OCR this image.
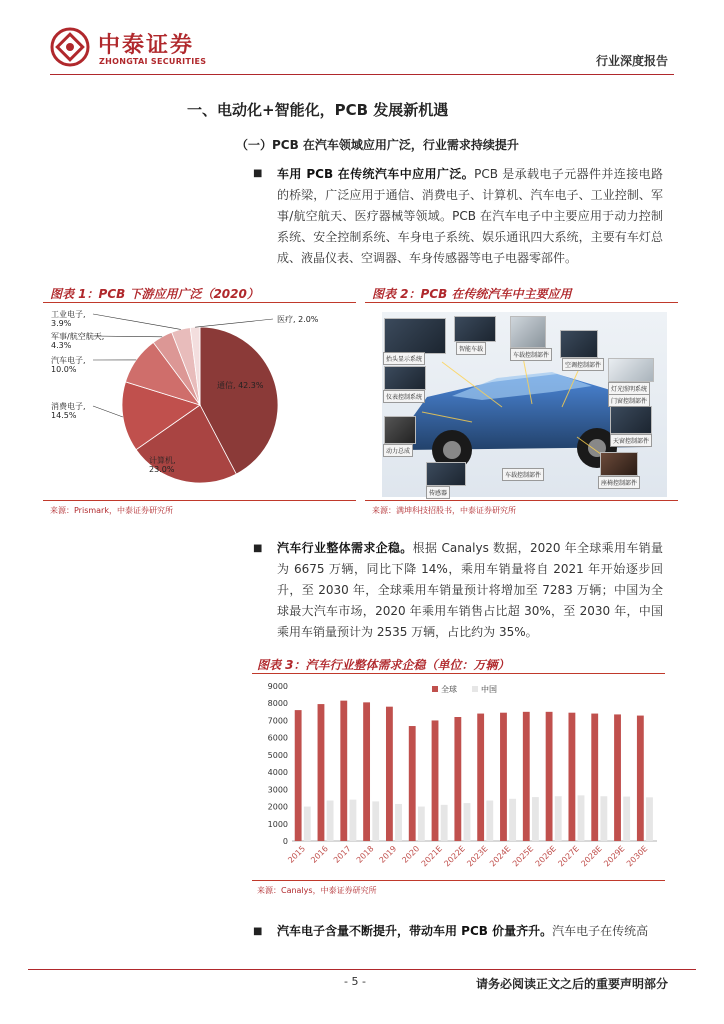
中泰证券
ZHONGTAI SECURITIES	行业深度报告
一、电动化+智能化，PCB 发展新机遇
（一）PCB 在汽车领域应用广泛，行业需求持续提升
■ 车用 PCB 在传统汽车中应用广泛。PCB 是承载电子元器件并连接电路的桥梁，广泛应用于通信、消费电子、计算机、汽车电子、工业控制、军事/航空航天、医疗器械等领域。PCB 在汽车电子中主要应用于动力控制系统、安全控制系统、车身电子系统、娱乐通讯四大系统，主要有车灯总成、液晶仪表、空调器、车身传感器等电子电器零部件。
图表 1：PCB 下游应用广泛（2020）
通信, 42.3%
计算机, 23.0%
消费电子, 14.5%
汽车电子, 10.0%
军事/航空航天, 4.3%
工业电子, 3.9%	医疗, 2.0%
来源：Prismark，中泰证券研究所
图表 2：PCB 在传统汽车中主要应用
抬头显示系统
智能车载
车载控制部件
空调控制部件
仪表控制系统
灯光照明系统
门窗控制部件
动力总成
天窗控制部件
车载控制部件
座椅控制部件
传感器
来源：满坤科技招股书，中泰证券研究所
■ 汽车行业整体需求企稳。根据 Canalys 数据，2020 年全球乘用车销量为 6675 万辆，同比下降 14%，乘用车销量将自 2021 年开始逐步回升，至 2030 年，全球乘用车销量预计将增加至 7283 万辆；中国为全球最大汽车市场，2020 年乘用车销售占比超 30%，至 2030 年，中国乘用车销量预计为 2535 万辆，占比约为 35%。
图表 3：汽车行业整体需求企稳（单位：万辆）
0
1000
2000
3000
4000
5000
6000
7000
8000
9000
2015 2016 2017 2018 2019 2020
2021E
2022E
2023E
2024E
2025E
2026E
2027E
2028E
2029E
2030E
全球	中国
来源：Canalys，中泰证券研究所
■ 汽车电子含量不断提升，带动车用 PCB 价量齐升。汽车电子在传统高
- 5 -	请务必阅读正文之后的重要声明部分
